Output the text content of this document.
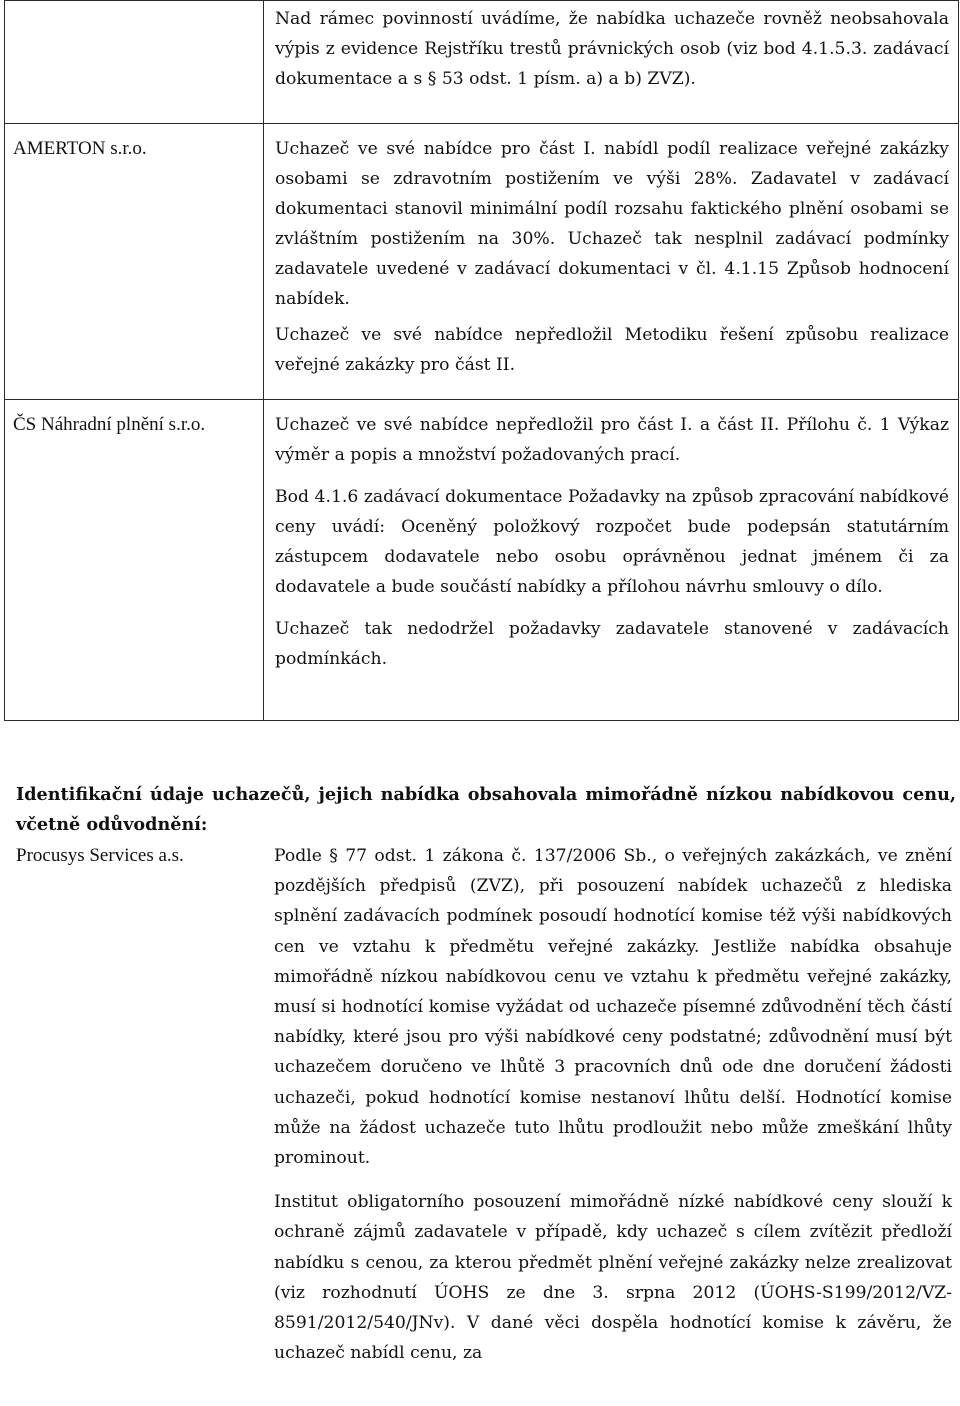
	Nad rámec povinností uvádíme, že nabídka uchazeče rovněž neobsahovala výpis z evidence Rejstříku trestů právnických osob (viz bod 4.1.5.3. zadávací dokumentace a s § 53 odst. 1 písm. a) a b) ZVZ).

AMERTON s.r.o.	Uchazeč ve své nabídce pro část I. nabídl podíl realizace veřejné zakázky osobami se zdravotním postižením ve výši 28%. Zadavatel v zadávací dokumentaci stanovil minimální podíl rozsahu faktického plnění osobami se zvláštním postižením na 30%. Uchazeč tak nesplnil zadávací podmínky zadavatele uvedené v zadávací dokumentaci v čl. 4.1.15 Způsob hodnocení nabídek.

Uchazeč ve své nabídce nepředložil Metodiku řešení způsobu realizace veřejné zakázky pro část II.

ČS Náhradní plnění s.r.o.	Uchazeč ve své nabídce nepředložil pro část I. a část II. Přílohu č. 1 Výkaz výměr a popis a množství požadovaných prací.

Bod 4.1.6 zadávací dokumentace Požadavky na způsob zpracování nabídkové ceny uvádí: Oceněný položkový rozpočet bude podepsán statutárním zástupcem dodavatele nebo osobu oprávněnou jednat jménem či za dodavatele a bude součástí nabídky a přílohou návrhu smlouvy o dílo.

Uchazeč tak nedodržel požadavky zadavatele stanovené v zadávacích podmínkách.

Identifikační údaje uchazečů, jejich nabídka obsahovala mimořádně nízkou nabídkovou cenu, včetně odůvodnění:

Procusys Services a.s.	Podle § 77 odst. 1 zákona č. 137/2006 Sb., o veřejných zakázkách, ve znění pozdějších předpisů (ZVZ), při posouzení nabídek uchazečů z hlediska splnění zadávacích podmínek posoudí hodnotící komise též výši nabídkových cen ve vztahu k předmětu veřejné zakázky. Jestliže nabídka obsahuje mimořádně nízkou nabídkovou cenu ve vztahu k předmětu veřejné zakázky, musí si hodnotící komise vyžádat od uchazeče písemné zdůvodnění těch částí nabídky, které jsou pro výši nabídkové ceny podstatné; zdůvodnění musí být uchazečem doručeno ve lhůtě 3 pracovních dnů ode dne doručení žádosti uchazeči, pokud hodnotící komise nestanoví lhůtu delší. Hodnotící komise může na žádost uchazeče tuto lhůtu prodloužit nebo může zmeškání lhůty prominout.

Institut obligatorního posouzení mimořádně nízké nabídkové ceny slouží k ochraně zájmů zadavatele v případě, kdy uchazeč s cílem zvítězit předloží nabídku s cenou, za kterou předmět plnění veřejné zakázky nelze zrealizovat (viz rozhodnutí ÚOHS ze dne 3. srpna 2012 (ÚOHS-S199/2012/VZ-8591/2012/540/JNv). V dané věci dospěla hodnotící komise k závěru, že uchazeč nabídl cenu, za
